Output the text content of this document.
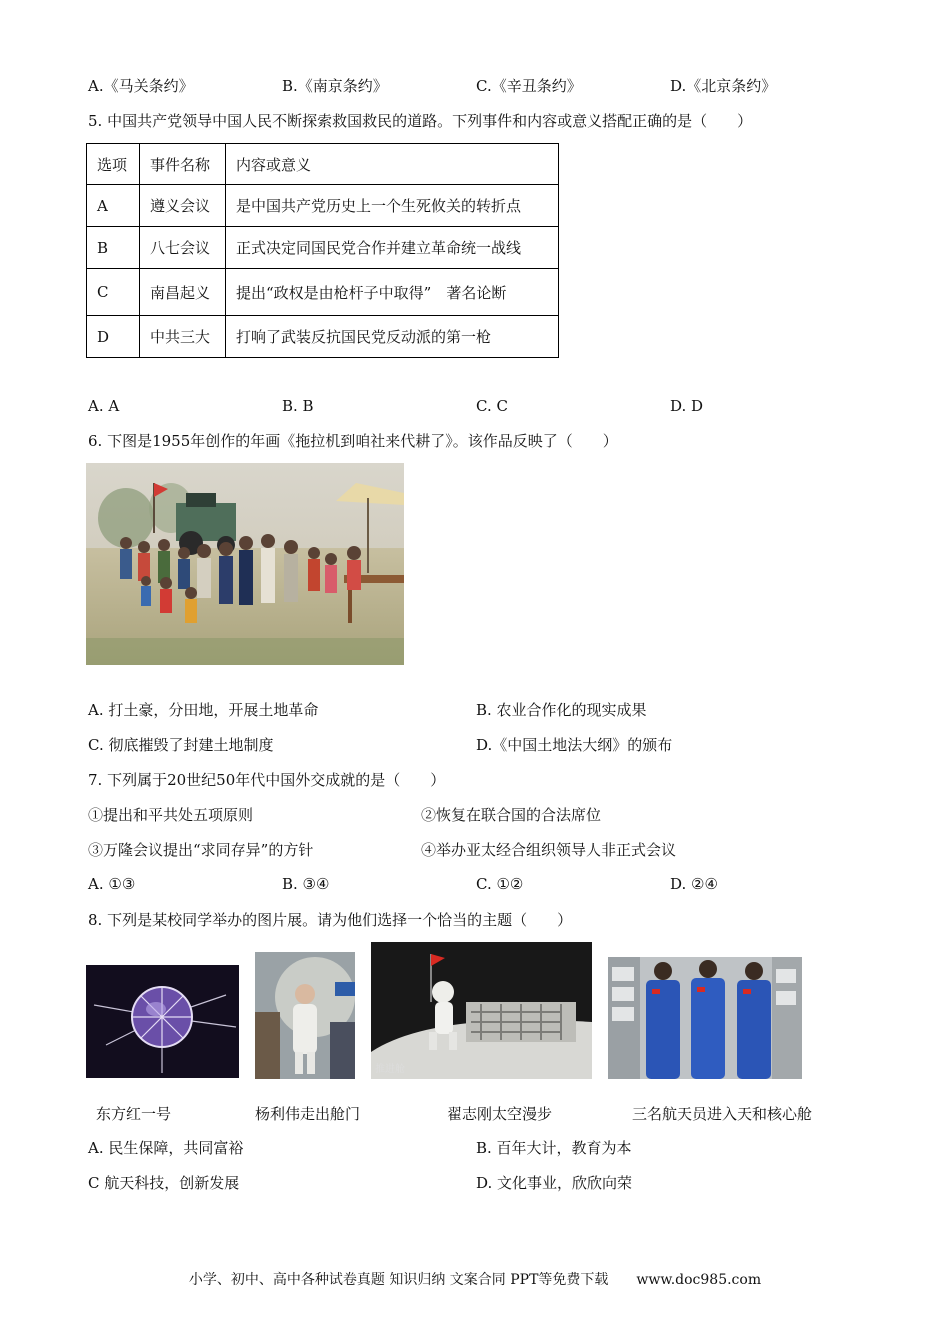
A.《马关条约》	B.《南京条约》	C.《辛丑条约》	D.《北京条约》
5. 中国共产党领导中国人民不断探索救国救民的道路。下列事件和内容或意义搭配正确的是（　　）
选项	事件名称	内容或意义
A	遵义会议	是中国共产党历史上一个生死攸关的转折点
B	八七会议	正式决定同国民党合作并建立革命统一战线
C	南昌起义	提出“政权是由枪杆子中取得”　著名论断
D	中共三大	打响了武装反抗国民党反动派的第一枪
A. A	B. B	C. C	D. D
6. 下图是1955年创作的年画《拖拉机到咱社来代耕了》。该作品反映了（　　）
A. 打土豪，分田地，开展土地革命	B. 农业合作化的现实成果
C. 彻底摧毁了封建土地制度	D.《中国土地法大纲》的颁布
7. 下列属于20世纪50年代中国外交成就的是（　　）
①提出和平共处五项原则	②恢复在联合国的合法席位
③万隆会议提出“求同存异”的方针	④举办亚太经合组织领导人非正式会议
A. ①③	B. ③④	C. ①②	D. ②④
8. 下列是某校同学举办的图片展。请为他们选择一个恰当的主题（　　）
推进舱
东方红一号	杨利伟走出舱门	翟志刚太空漫步	三名航天员进入天和核心舱
A. 民生保障，共同富裕	B. 百年大计，教育为本
C 航天科技，创新发展	D. 文化事业，欣欣向荣
小学、初中、高中各种试卷真题 知识归纳 文案合同 PPT等免费下载　　www.doc985.com
